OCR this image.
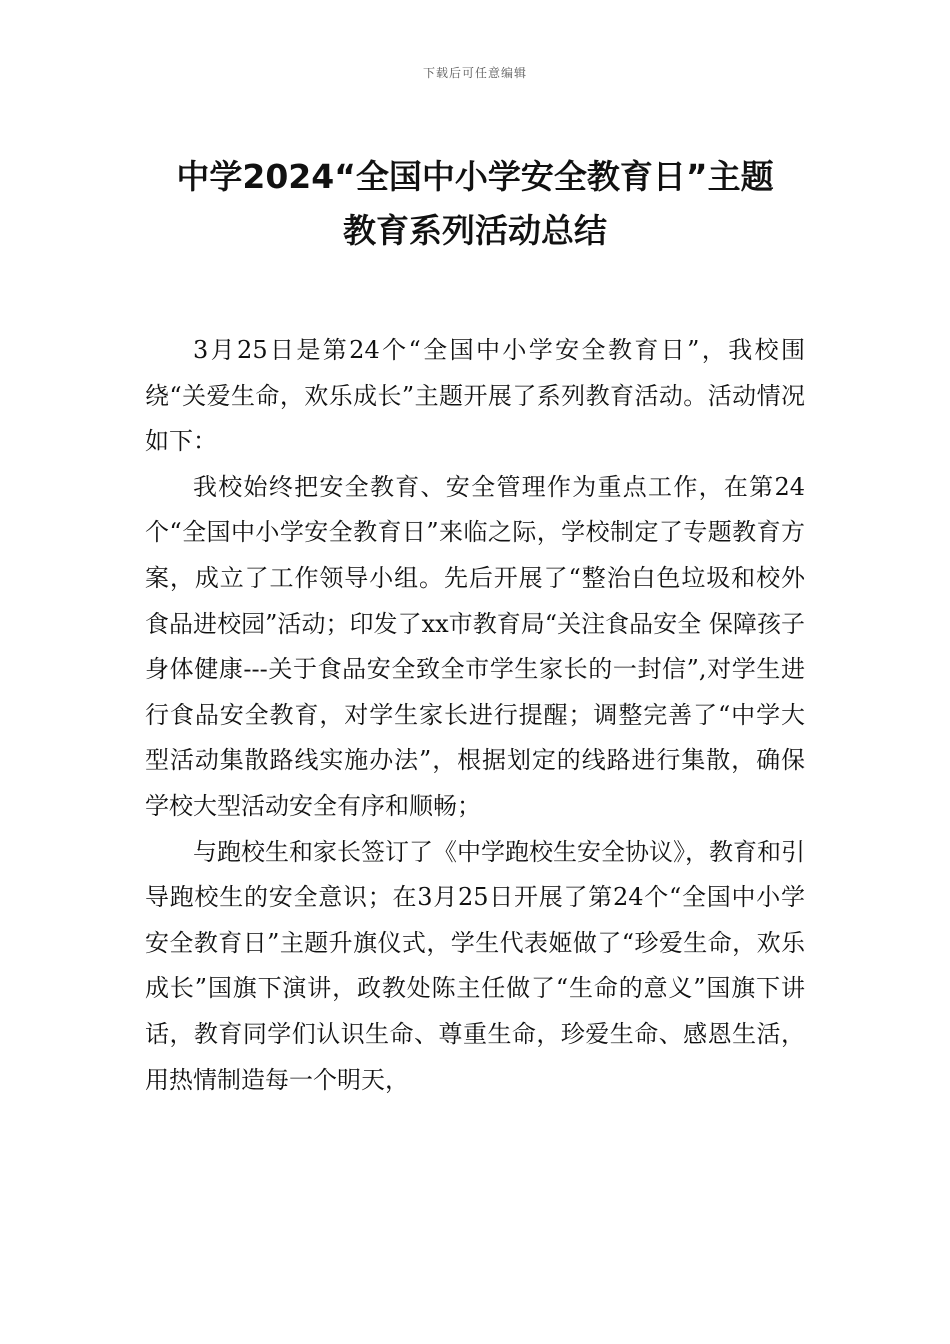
下载后可任意编辑
中学2024“全国中小学安全教育日”主题
教育系列活动总结

3月25日是第24个“全国中小学安全教育日”，我校围绕“关爱生命，欢乐成长”主题开展了系列教育活动。活动情况如下：

我校始终把安全教育、安全管理作为重点工作，在第24个“全国中小学安全教育日”来临之际，学校制定了专题教育方案，成立了工作领导小组。先后开展了“整治白色垃圾和校外食品进校园”活动；印发了xx市教育局“关注食品安全 保障孩子身体健康---关于食品安全致全市学生家长的一封信”,对学生进行食品安全教育，对学生家长进行提醒；调整完善了“中学大型活动集散路线实施办法”，根据划定的线路进行集散，确保学校大型活动安全有序和顺畅；

与跑校生和家长签订了《中学跑校生安全协议》，教育和引导跑校生的安全意识；在3月25日开展了第24个“全国中小学安全教育日”主题升旗仪式，学生代表姬做了“珍爱生命，欢乐成长”国旗下演讲，政教处陈主任做了“生命的意义”国旗下讲话，教育同学们认识生命、尊重生命，珍爱生命、感恩生活，用热情制造每一个明天，
